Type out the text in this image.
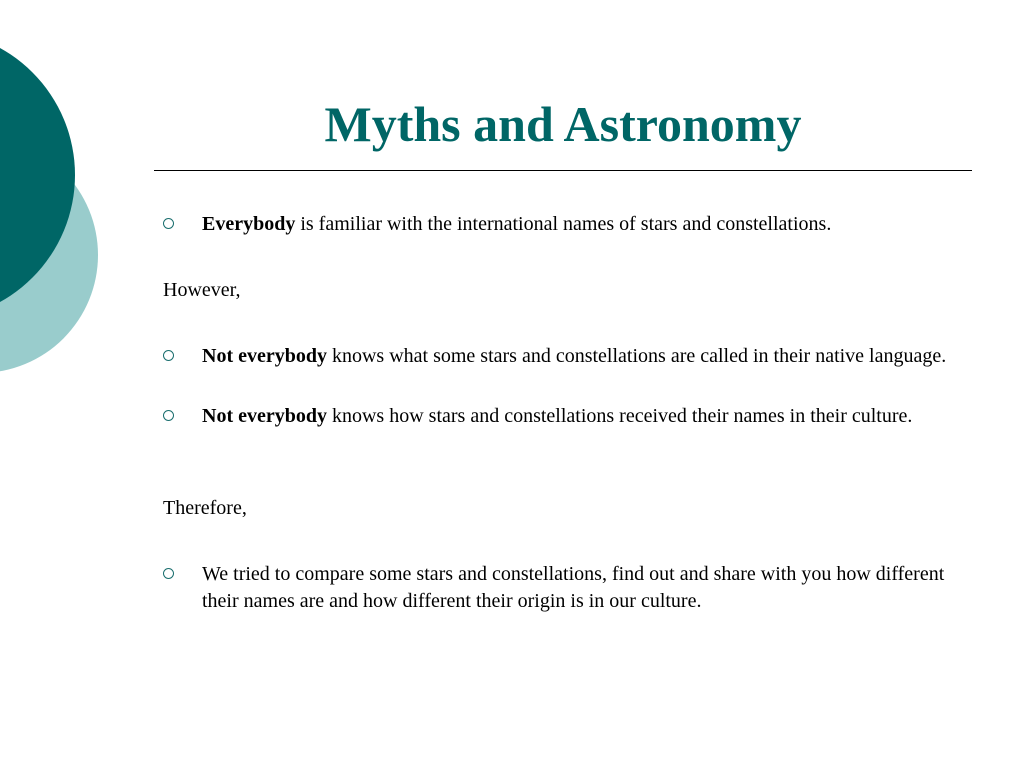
Myths and Astronomy
Everybody is familiar with the international names of stars and constellations.
However,
Not everybody knows what some stars and constellations are called in their native language.
Not everybody knows how stars and constellations received their names in their culture.
Therefore,
We tried to compare some stars and constellations, find out and share with you how different their names are and how different their origin is in our culture.
